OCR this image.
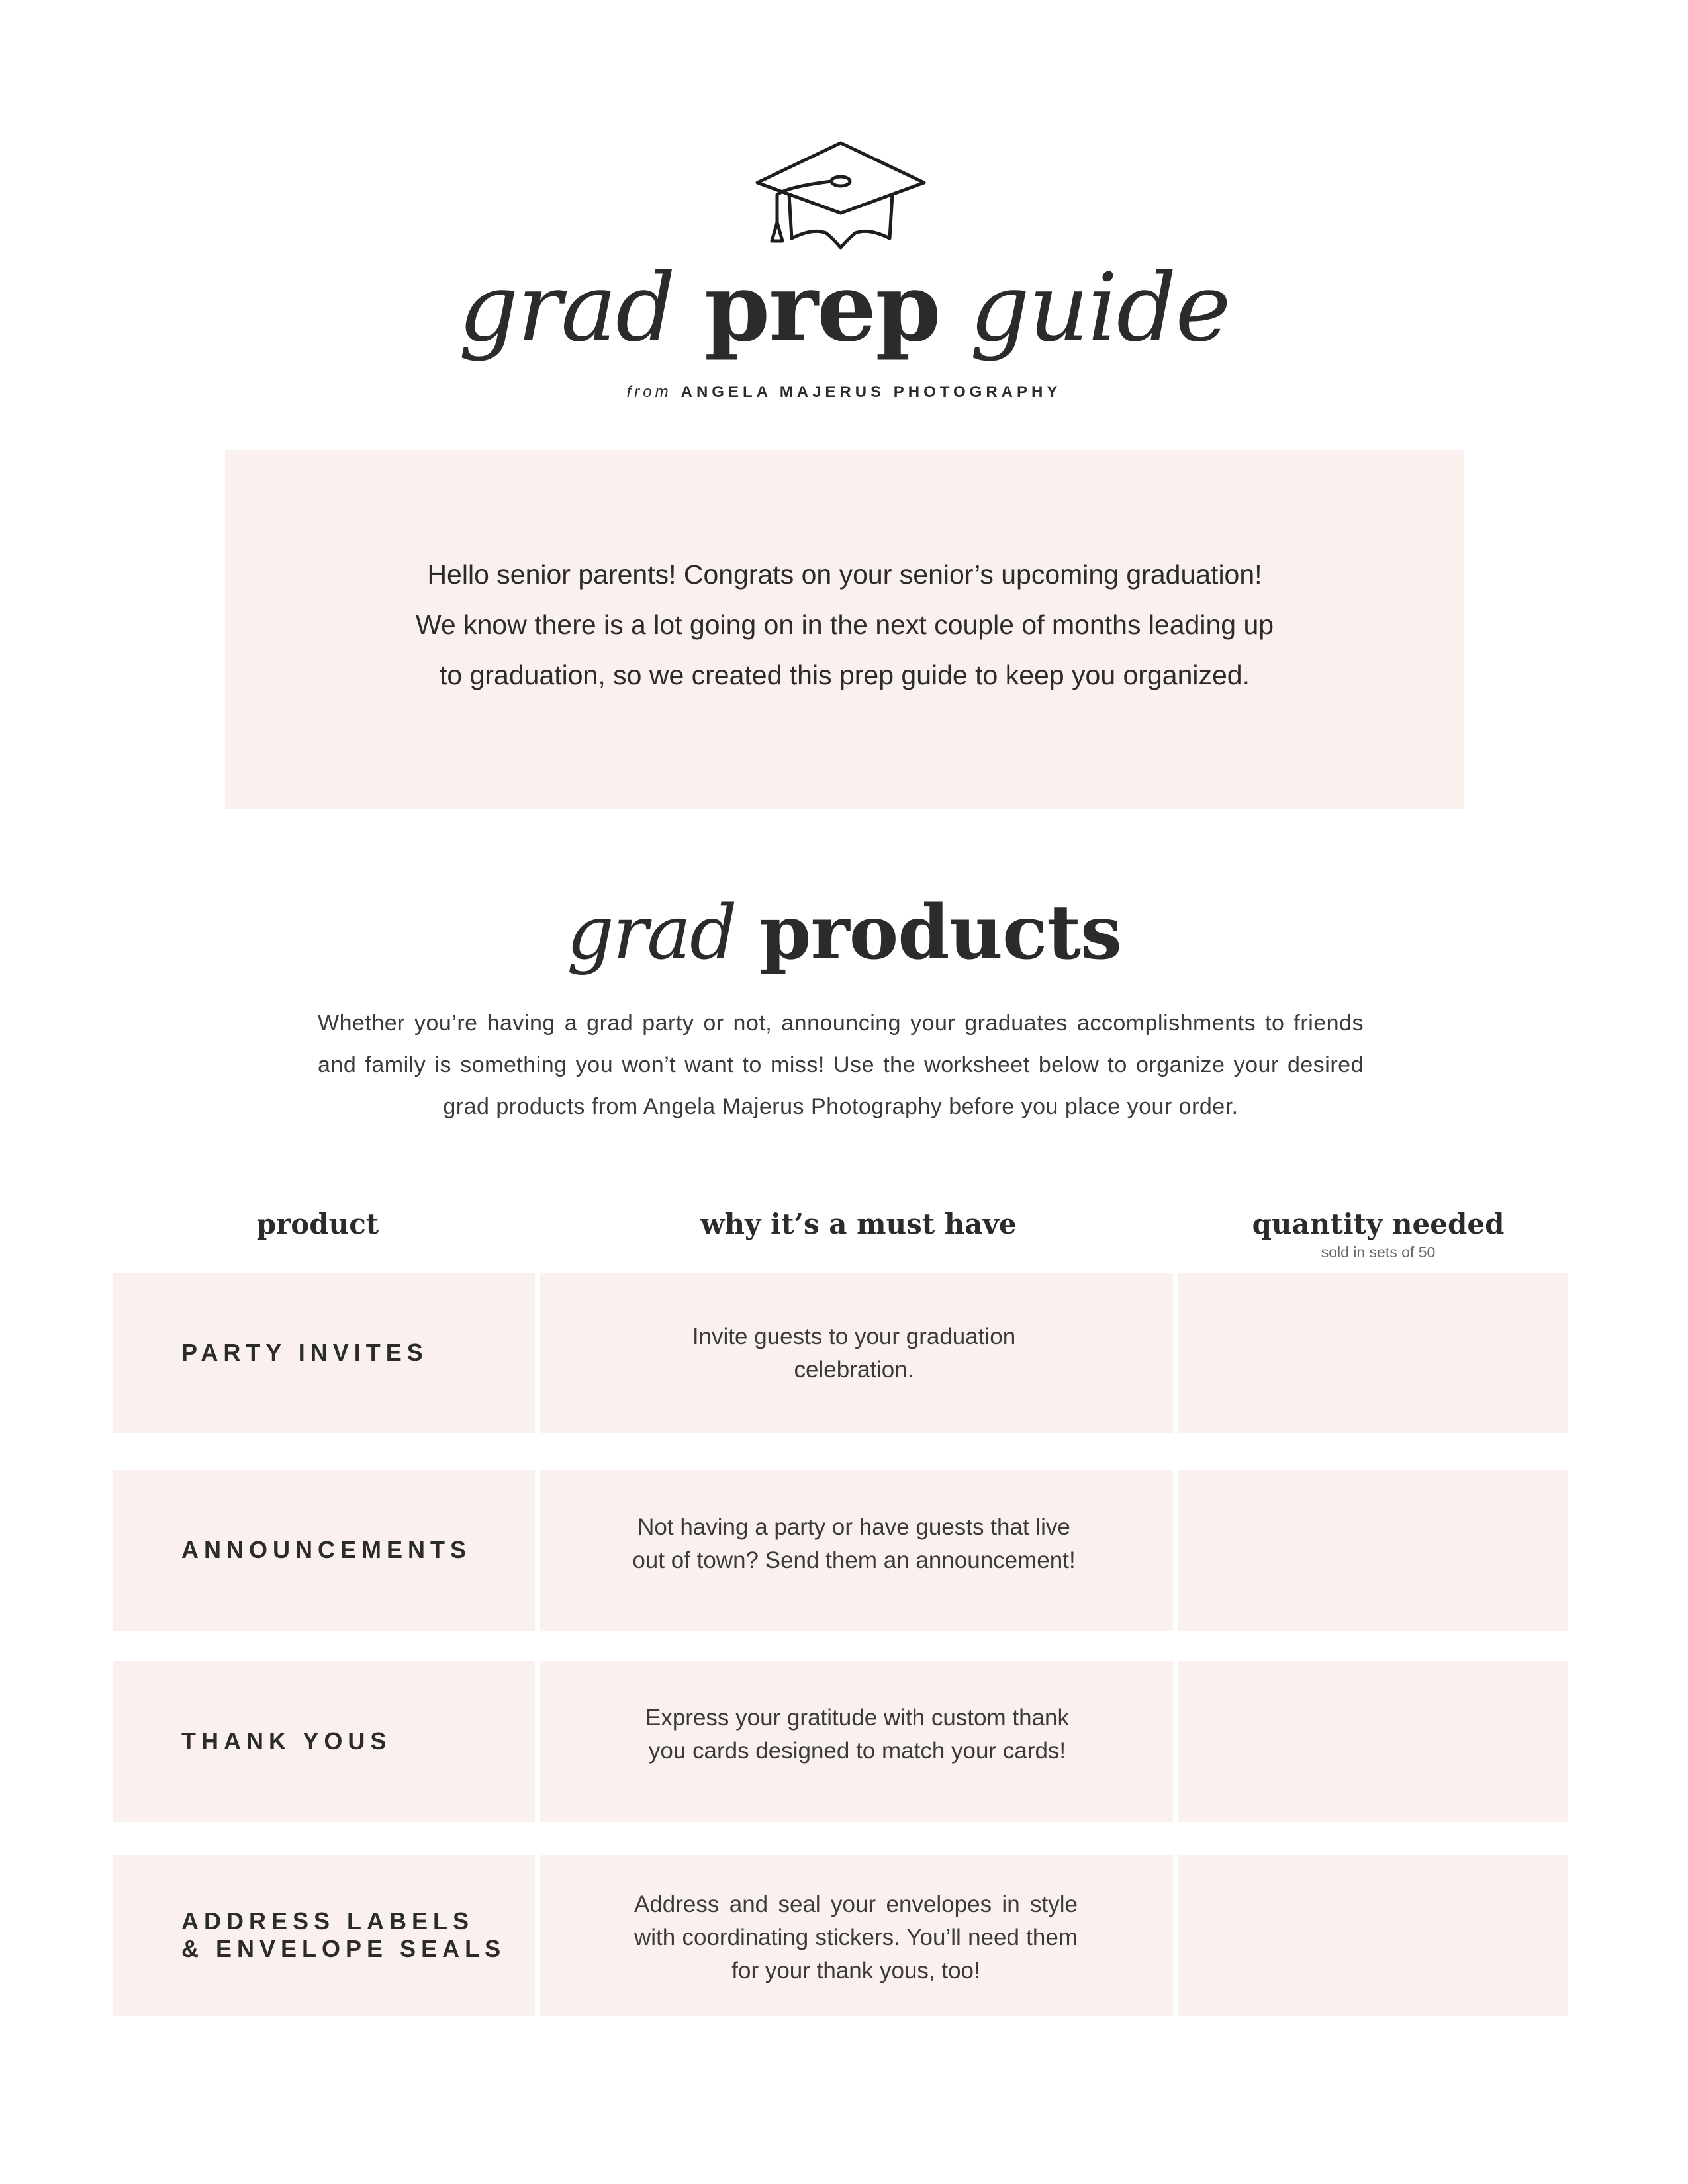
grad prep guide
from ANGELA MAJERUS PHOTOGRAPHY
Hello senior parents! Congrats on your senior’s upcoming graduation!
We know there is a lot going on in the next couple of months leading up
to graduation, so we created this prep guide to keep you organized.
grad products
Whether you’re having a grad party or not, announcing your graduates accomplishments to friends and family is something you won’t want to miss! Use the worksheet below to organize your desired grad products from Angela Majerus Photography before you place your order.
product	why it’s a must have	quantity needed
sold in sets of 50
PARTY INVITES
Invite guests to your graduation celebration.
ANNOUNCEMENTS
Not having a party or have guests that live out of town? Send them an announcement!
THANK YOUS
Express your gratitude with custom thank you cards designed to match your cards!
ADDRESS LABELS
& ENVELOPE SEALS
Address and seal your envelopes in style with coordinating stickers. You’ll need them for your thank yous, too!
